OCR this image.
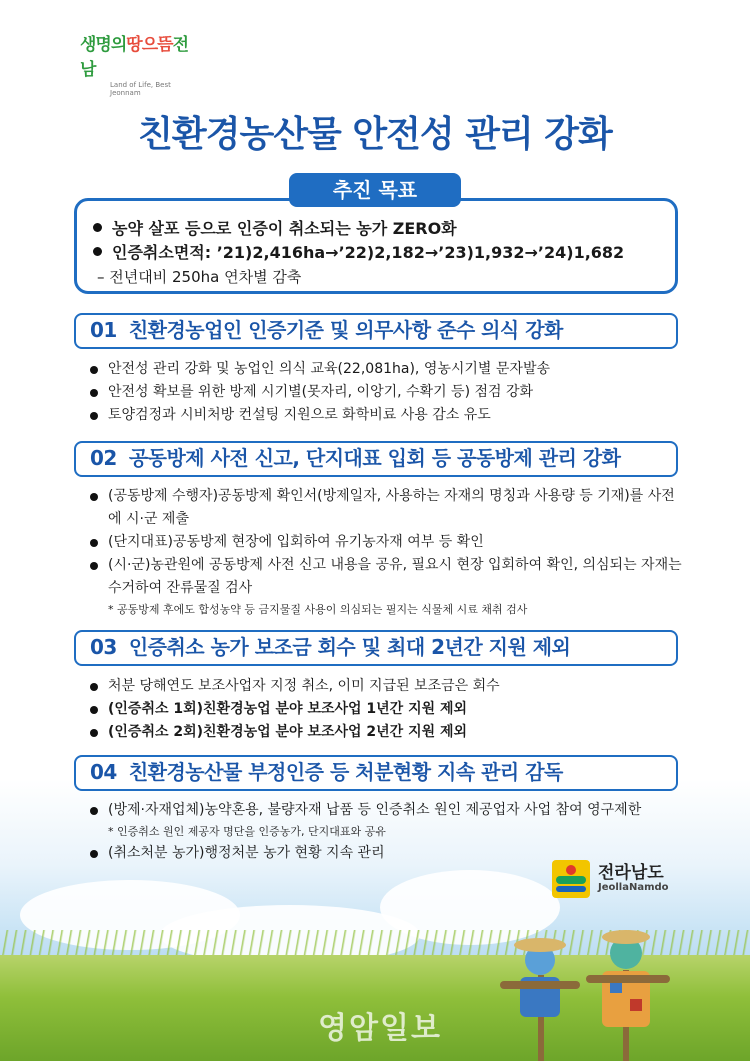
생명의땅으뜸전남
Land of Life, Best Jeonnam
친환경농산물 안전성 관리 강화
농약 살포 등으로 인증이 취소되는 농가 ZERO화
인증취소면적: ’21)2,416ha→’22)2,182→’23)1,932→’24)1,682
– 전년대비 250ha 연차별 감축
추진 목표
01 친환경농업인 인증기준 및 의무사항 준수 의식 강화
안전성 관리 강화 및 농업인 의식 교육(22,081ha), 영농시기별 문자발송
안전성 확보를 위한 방제 시기별(못자리, 이앙기, 수확기 등) 점검 강화
토양검정과 시비처방 컨설팅 지원으로 화학비료 사용 감소 유도
02 공동방제 사전 신고, 단지대표 입회 등 공동방제 관리 강화
(공동방제 수행자)공동방제 확인서(방제일자, 사용하는 자재의 명칭과 사용량 등 기재)를 사전에 시·군 제출
(단지대표)공동방제 현장에 입회하여 유기농자재 여부 등 확인
(시·군)농관원에 공동방제 사전 신고 내용을 공유, 필요시 현장 입회하여 확인, 의심되는 자재는 수거하여 잔류물질 검사
* 공동방제 후에도 합성농약 등 금지물질 사용이 의심되는 필지는 식물체 시료 채취 검사
03 인증취소 농가 보조금 회수 및 최대 2년간 지원 제외
처분 당해연도 보조사업자 지정 취소, 이미 지급된 보조금은 회수
(인증취소 1회)친환경농업 분야 보조사업 1년간 지원 제외
(인증취소 2회)친환경농업 분야 보조사업 2년간 지원 제외
04 친환경농산물 부정인증 등 처분현황 지속 관리 감독
(방제·자재업체)농약혼용, 불량자재 납품 등 인증취소 원인 제공업자 사업 참여 영구제한
* 인증취소 원인 제공자 명단을 인증농가, 단지대표와 공유
(취소처분 농가)행정처분 농가 현황 지속 관리
전라남도
JeollaNamdo
영암일보
